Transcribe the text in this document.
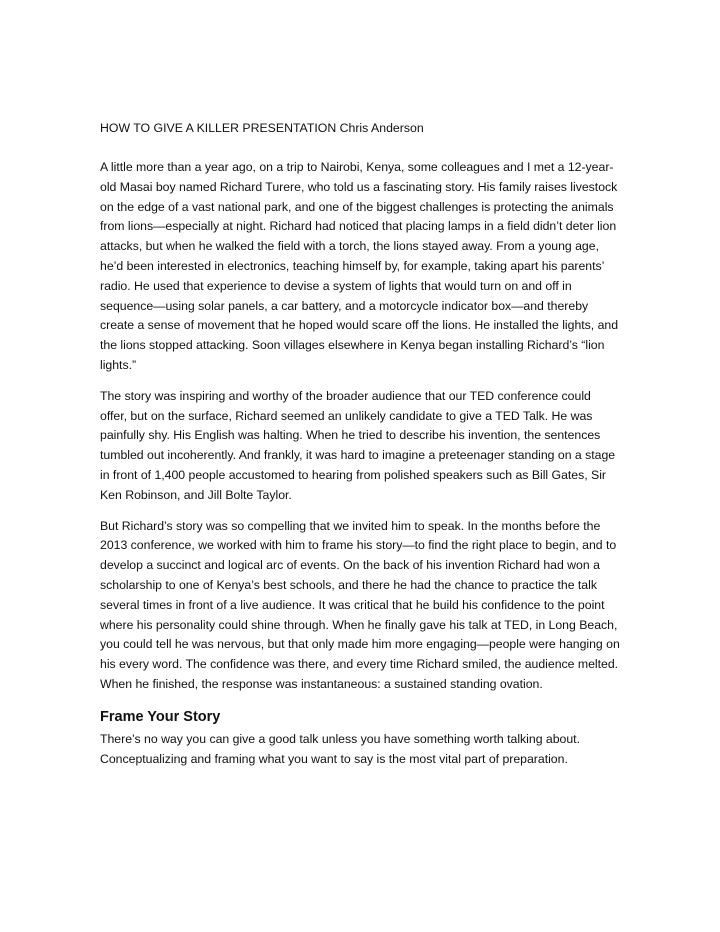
HOW TO GIVE A KILLER PRESENTATION Chris Anderson

A little more than a year ago, on a trip to Nairobi, Kenya, some colleagues and I met a 12-year-old Masai boy named Richard Turere, who told us a fascinating story. His family raises livestock on the edge of a vast national park, and one of the biggest challenges is protecting the animals from lions—especially at night. Richard had noticed that placing lamps in a field didn’t deter lion attacks, but when he walked the field with a torch, the lions stayed away. From a young age, he’d been interested in electronics, teaching himself by, for example, taking apart his parents’ radio. He used that experience to devise a system of lights that would turn on and off in sequence—using solar panels, a car battery, and a motorcycle indicator box—and thereby create a sense of movement that he hoped would scare off the lions. He installed the lights, and the lions stopped attacking. Soon villages elsewhere in Kenya began installing Richard’s “lion lights.”

The story was inspiring and worthy of the broader audience that our TED conference could offer, but on the surface, Richard seemed an unlikely candidate to give a TED Talk. He was painfully shy. His English was halting. When he tried to describe his invention, the sentences tumbled out incoherently. And frankly, it was hard to imagine a preteenager standing on a stage in front of 1,400 people accustomed to hearing from polished speakers such as Bill Gates, Sir Ken Robinson, and Jill Bolte Taylor.

But Richard’s story was so compelling that we invited him to speak. In the months before the 2013 conference, we worked with him to frame his story—to find the right place to begin, and to develop a succinct and logical arc of events. On the back of his invention Richard had won a scholarship to one of Kenya’s best schools, and there he had the chance to practice the talk several times in front of a live audience. It was critical that he build his confidence to the point where his personality could shine through. When he finally gave his talk at TED, in Long Beach, you could tell he was nervous, but that only made him more engaging—people were hanging on his every word. The confidence was there, and every time Richard smiled, the audience melted. When he finished, the response was instantaneous: a sustained standing ovation.

Frame Your Story

There’s no way you can give a good talk unless you have something worth talking about. Conceptualizing and framing what you want to say is the most vital part of preparation.
